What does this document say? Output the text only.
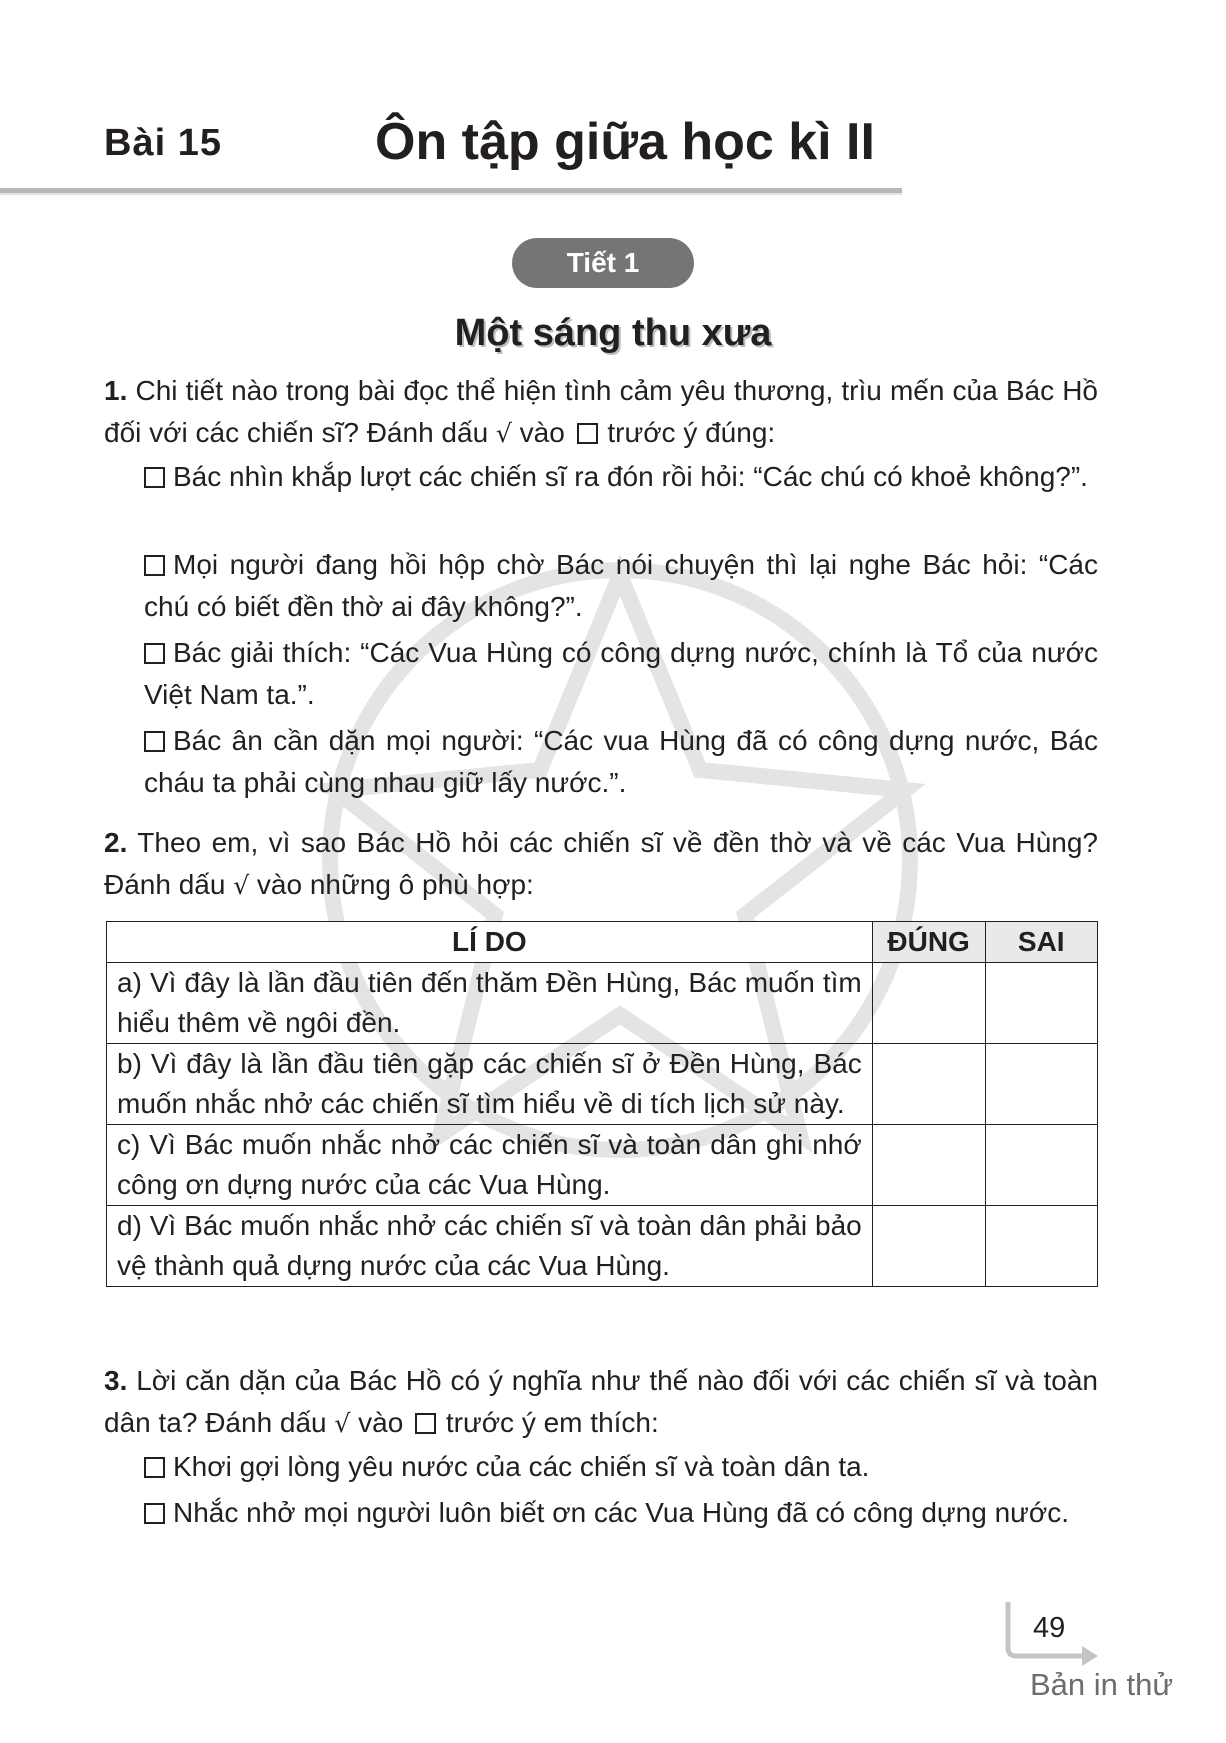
Bài 15	Ôn tập giữa học kì II
Tiết 1
Một sáng thu xưa
1. Chi tiết nào trong bài đọc thể hiện tình cảm yêu thương, trìu mến của Bác Hồ đối với các chiến sĩ? Đánh dấu √ vào  trước ý đúng:
Bác nhìn khắp lượt các chiến sĩ ra đón rồi hỏi: “Các chú có khoẻ không?”.
Mọi người đang hồi hộp chờ Bác nói chuyện thì lại nghe Bác hỏi: “Các chú có biết đền thờ ai đây không?”.
Bác giải thích: “Các Vua Hùng có công dựng nước, chính là Tổ của nước Việt Nam ta.”.
Bác ân cần dặn mọi người: “Các vua Hùng đã có công dựng nước, Bác cháu ta phải cùng nhau giữ lấy nước.”.
2. Theo em, vì sao Bác Hồ hỏi các chiến sĩ về đền thờ và về các Vua Hùng? Đánh dấu √ vào những ô phù hợp:
LÍ DO	ĐÚNG	SAI
a) Vì đây là lần đầu tiên đến thăm Đền Hùng, Bác muốn tìm hiểu thêm về ngôi đền.		
b) Vì đây là lần đầu tiên gặp các chiến sĩ ở Đền Hùng, Bác muốn nhắc nhở các chiến sĩ tìm hiểu về di tích lịch sử này.		
c) Vì Bác muốn nhắc nhở các chiến sĩ và toàn dân ghi nhớ công ơn dựng nước của các Vua Hùng.		
d) Vì Bác muốn nhắc nhở các chiến sĩ và toàn dân phải bảo vệ thành quả dựng nước của các Vua Hùng.		
3. Lời căn dặn của Bác Hồ có ý nghĩa như thế nào đối với các chiến sĩ và toàn dân ta? Đánh dấu √ vào  trước ý em thích:
Khơi gợi lòng yêu nước của các chiến sĩ và toàn dân ta.
Nhắc nhở mọi người luôn biết ơn các Vua Hùng đã có công dựng nước.
49
Bản in thử
